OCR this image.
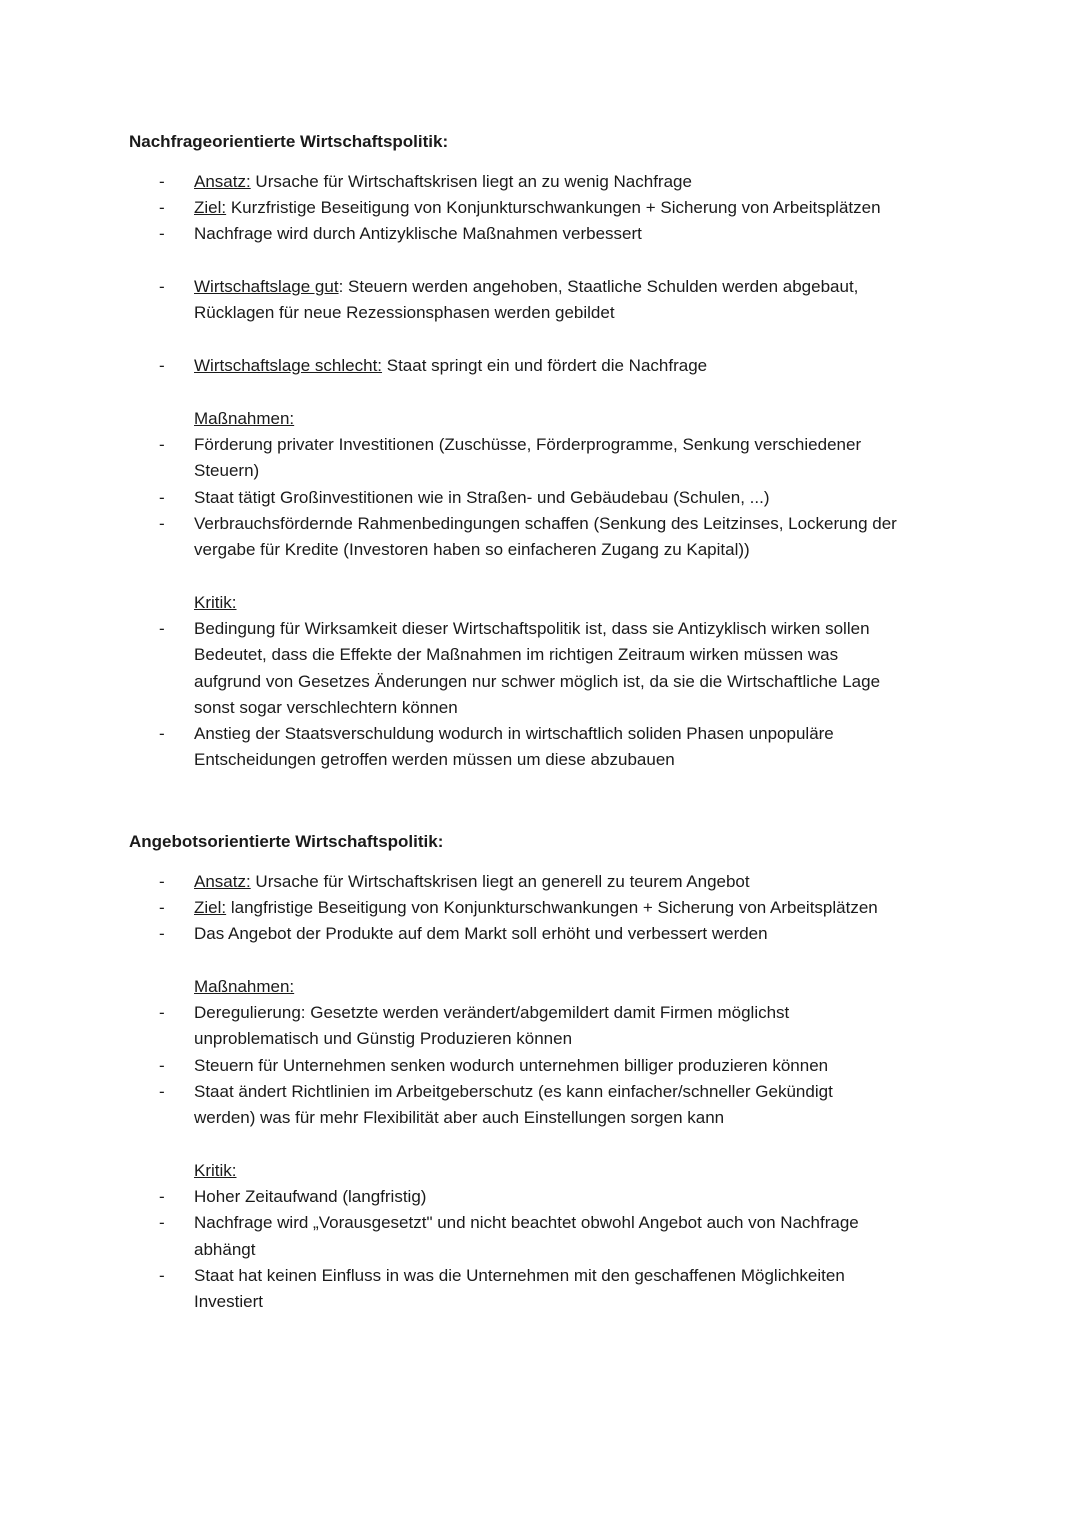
Nachfrageorientierte Wirtschaftspolitik:
- Ansatz: Ursache für Wirtschaftskrisen liegt an zu wenig Nachfrage
- Ziel: Kurzfristige Beseitigung von Konjunkturschwankungen + Sicherung von Arbeitsplätzen
- Nachfrage wird durch Antizyklische Maßnahmen verbessert
- Wirtschaftslage gut: Steuern werden angehoben, Staatliche Schulden werden abgebaut,
Rücklagen für neue Rezessionsphasen werden gebildet
- Wirtschaftslage schlecht: Staat springt ein und fördert die Nachfrage
Maßnahmen:
- Förderung privater Investitionen (Zuschüsse, Förderprogramme, Senkung verschiedener
Steuern)
- Staat tätigt Großinvestitionen wie in Straßen- und Gebäudebau (Schulen, ...)
- Verbrauchsfördernde Rahmenbedingungen schaffen (Senkung des Leitzinses, Lockerung der
vergabe für Kredite (Investoren haben so einfacheren Zugang zu Kapital))
Kritik:
- Bedingung für Wirksamkeit dieser Wirtschaftspolitik ist, dass sie Antizyklisch wirken sollen
Bedeutet, dass die Effekte der Maßnahmen im richtigen Zeitraum wirken müssen was
aufgrund von Gesetzes Änderungen nur schwer möglich ist, da sie die Wirtschaftliche Lage
sonst sogar verschlechtern können
- Anstieg der Staatsverschuldung wodurch in wirtschaftlich soliden Phasen unpopuläre
Entscheidungen getroffen werden müssen um diese abzubauen
Angebotsorientierte Wirtschaftspolitik:
- Ansatz: Ursache für Wirtschaftskrisen liegt an generell zu teurem Angebot
- Ziel: langfristige Beseitigung von Konjunkturschwankungen + Sicherung von Arbeitsplätzen
- Das Angebot der Produkte auf dem Markt soll erhöht und verbessert werden
Maßnahmen:
- Deregulierung: Gesetzte werden verändert/abgemildert damit Firmen möglichst
unproblematisch und Günstig Produzieren können
- Steuern für Unternehmen senken wodurch unternehmen billiger produzieren können
- Staat ändert Richtlinien im Arbeitgeberschutz (es kann einfacher/schneller Gekündigt
werden) was für mehr Flexibilität aber auch Einstellungen sorgen kann
Kritik:
- Hoher Zeitaufwand (langfristig)
- Nachfrage wird „Vorausgesetzt" und nicht beachtet obwohl Angebot auch von Nachfrage
abhängt
- Staat hat keinen Einfluss in was die Unternehmen mit den geschaffenen Möglichkeiten
Investiert
